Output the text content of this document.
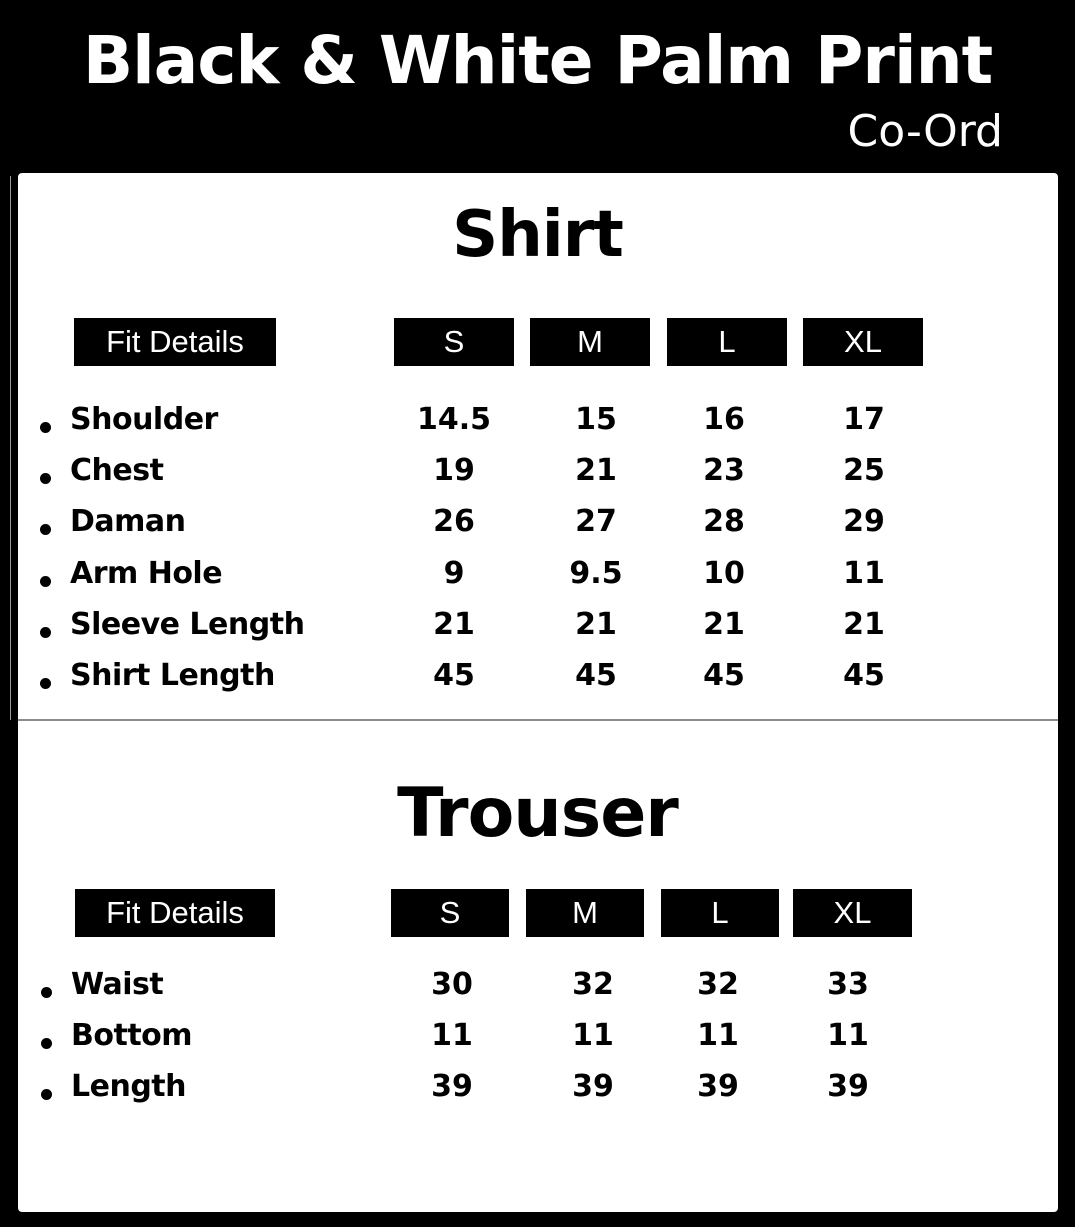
Black & White Palm Print
Co-Ord
Shirt
Fit Details	S	M	L	XL
Shoulder	14.5	15	16	17
Chest	19	21	23	25
Daman	26	27	28	29
Arm Hole	9	9.5	10	11
Sleeve Length	21	21	21	21
Shirt Length	45	45	45	45
Trouser
Fit Details	S	M	L	XL
Waist	30	32	32	33
Bottom	11	11	11	11
Length	39	39	39	39
